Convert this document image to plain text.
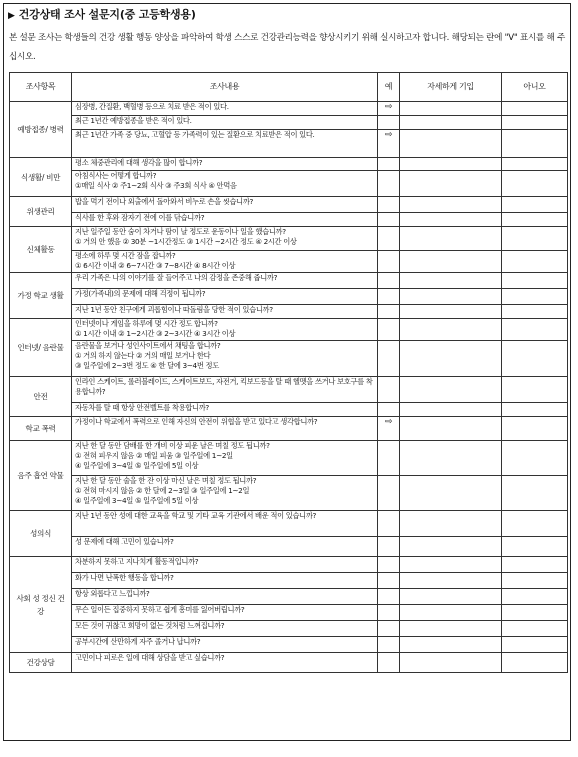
▶ 건강상태 조사 설문지(중 고등학생용)
본 설문 조사는 학생들의 건강 생활 행동 양상을 파악하여 학생 스스로 건강관리능력을 향상시키기 위해 실시하고자 합니다. 해당되는 란에 "V" 표시를 해 주십시오.
조사항목	조사내용	예	자세하게 기입	아니오
예방접종/ 병력	심장병, 간질환, 백혈병 등으로 치료 받은 적이 있다.	⇨		

	최근 1년간 예방접종을 받은 적이 있다.			

	최근 1년간 가족 중 당뇨, 고혈압 등 가족력이 있는 질환으로 치료받은 적이 있다.	⇨		
식생활/ 비만	평소 체중관리에 대해 생각을 많이 합니까?			

	아침식사는 어떻게 합니까?
①매일 식사 ② 주1~2회 식사 ③ 주3회 식사 ④ 안먹음			

위생관리	밥을 먹기 전이나 외출에서 돌아와서 비누로 손을 씻습니까?			

	식사를 한 후와 잠자기 전에 이를 닦습니까?			

신체활동	지난 일주일 동안 숨이 차거나 땀이 날 정도로 운동이나 일을 했습니까?
① 거의 안 했음 ② 30분 ~1시간정도 ③ 1시간 ~2시간 정도 ④ 2시간 이상			

	평소에 하루 몇 시간 잠을 잡니까?
① 6시간 이내 ② 6~7시간 ③ 7~8시간 ④ 8시간 이상			

가정 학교 생활	우리 가족은 나의 이야기를 잘 들어주고 나의 감정을 존중해 줍니까?			

	가정(가족내)의 문제에 대해 걱정이 됩니까?			

	지난 1년 동안 친구에게 괴롭힘이나 따돌림을 당한 적이 있습니까?			

인터넷/ 음란물	인터넷이나 게임을 하루에 몇 시간 정도 합니까?
① 1시간 이내 ② 1~2시간 ③ 2~3시간 ④ 3시간 이상			

	음란물을 보거나 성인사이트에서 채팅을 합니까?
① 거의 하지 않는다 ② 거의 매일 보거나 한다
③ 일주일에 2~3번 정도 ④ 한 달에 3~4번 정도			

안전	인라인 스케이트, 롤러블레이드, 스케이트보드, 자전거, 킥보드등을 탈 때 헬멧을 쓰거나 보호구를 착용합니까?			

	자동차를 탈 때 항상 안전벨트를 착용합니까?			

학교 폭력	가정이나 학교에서 폭력으로 인해 자신의 안전이 위협을 받고 있다고 생각합니까?	⇨		
음주 흡연 약물	지난 한 달 동안 담배를 한 개비 이상 피운 날은 며칠 정도 됩니까?
① 전혀 피우지 않음 ② 매일 피움 ③ 일주일에 1~2일
④ 일주일에 3~4일 ⑤ 일주일에 5일 이상			

	지난 한 달 동안 술을 한 잔 이상 마신 날은 며칠 정도 됩니까?
① 전혀 마시지 않음 ② 한 달에 2~3일 ③ 일주일에 1~2일
④ 일주일에 3~4일 ⑤ 일주일에 5일 이상			

성의식	지난 1년 동안 성에 대한 교육을 학교 및 기타 교육 기관에서 배운 적이 있습니까?			

	성 문제에 대해 고민이 있습니까?			

사회 성 정신 건강	차분하지 못하고 지나치게 활동적입니까?			

	화가 나면 난폭한 행동을 합니까?			

	항상 외롭다고 느낍니까?			

	무슨 일이든 집중하지 못하고 쉽게 흥미를 잃어버립니까?			

	모든 것이 귀찮고 희망이 없는 것처럼 느껴집니까?			

	공부시간에 산만하게 자주 졸거나 납니까?			

건강상담	고민이나 피로은 일에 대해 상담을 받고 싶습니까?			
